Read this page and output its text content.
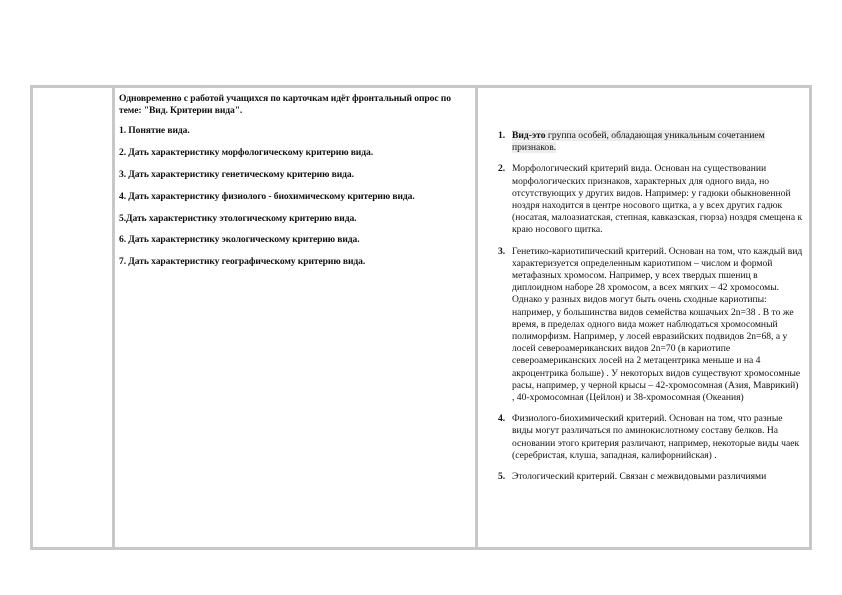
Одновременно с работой учащихся по карточкам идёт фронтальный опрос по теме: "Вид. Критерии вида".

1. Понятие вида.

2. Дать характеристику морфологическому критерию вида.

3. Дать характеристику генетическому критерию вида.

4. Дать характеристику физиолого - биохимическому критерию вида.

5.Дать характеристику этологическому критерию вида.

6. Дать характеристику экологическому критерию вида.

7. Дать характеристику географическому критерию вида.

1. Вид-это группа особей, обладающая уникальным сочетанием признаков.
2. Морфологический критерий вида. Основан на существовании морфологических признаков, характерных для одного вида, но отсутствующих у других видов. Например: у гадюки обыкновенной ноздря находится в центре носового щитка, а у всех других гадюк (носатая, малоазиатская, степная, кавказская, гюрза) ноздря смещена к краю носового щитка.
3. Генетико-кариотипический критерий. Основан на том, что каждый вид характеризуется определенным кариотипом – числом и формой метафазных хромосом. Например, у всех твердых пшениц в диплоидном наборе 28 хромосом, а всех мягких – 42 хромосомы.
Однако у разных видов могут быть очень сходные кариотипы: например, у большинства видов семейства кошачьих 2n=38 . В то же время, в пределах одного вида может наблюдаться хромосомный полиморфизм. Например, у лосей евразийских подвидов 2n=68, а у лосей североамериканских видов 2n=70 (в кариотипе североамериканских лосей на 2 метацентрика меньше и на 4 акроцентрика больше) . У некоторых видов существуют хромосомные расы, например, у черной крысы – 42-хромосомная (Азия, Маврикий) , 40-хромосомная (Цейлон) и 38-хромосомная (Океания)
4. Физиолого-биохимический критерий. Основан на том, что разные виды могут различаться по аминокислотному составу белков. На основании этого критерия различают, например, некоторые виды чаек (серебристая, клуша, западная, калифорнийская) .
5. Этологический критерий. Связан с межвидовыми различиями
